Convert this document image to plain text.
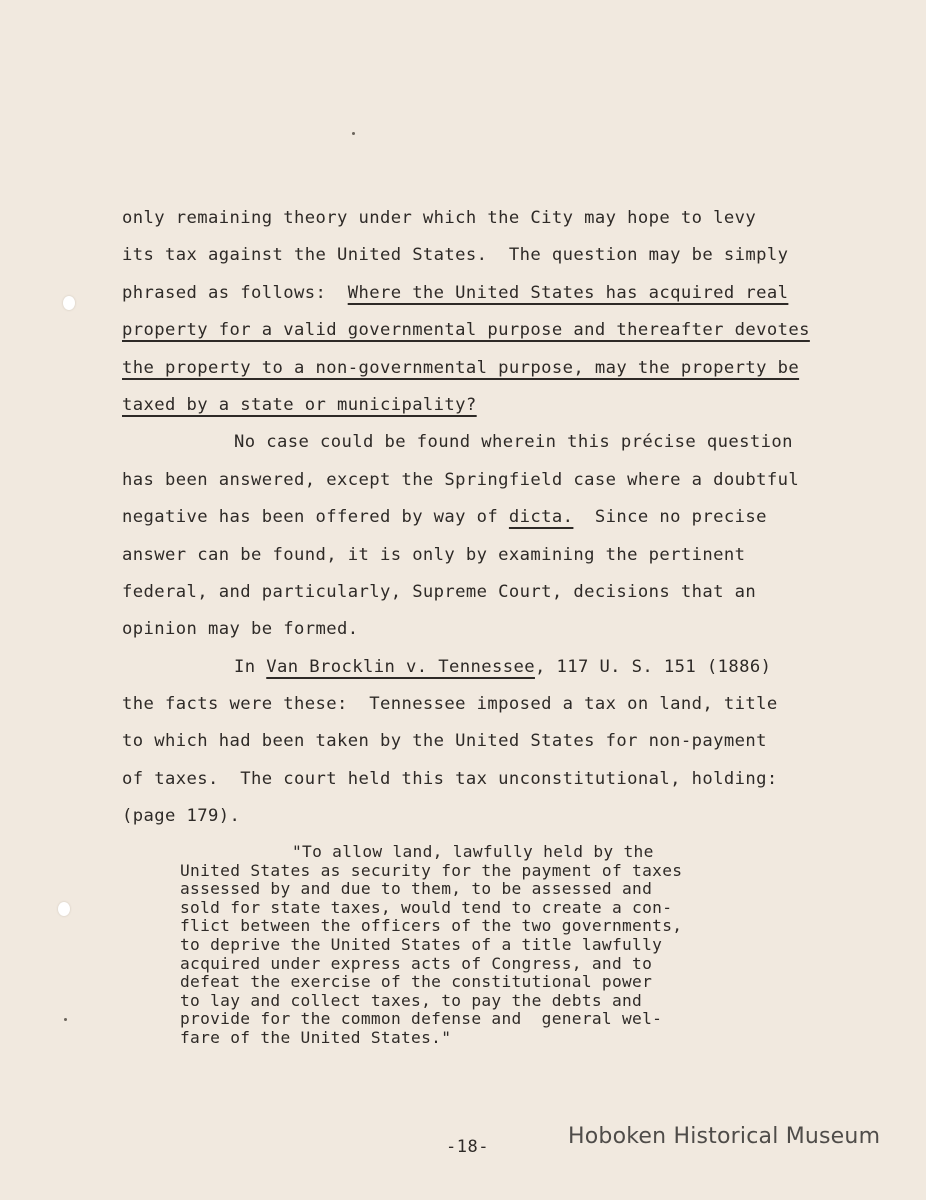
only remaining theory under which the City may hope to levy
its tax against the United States.  The question may be simply
phrased as follows:  Where the United States has acquired real
property for a valid governmental purpose and thereafter devotes
the property to a non-governmental purpose, may the property be
taxed by a state or municipality?
No case could be found wherein this précise question
has been answered, except the Springfield case where a doubtful
negative has been offered by way of dicta.  Since no precise
answer can be found, it is only by examining the pertinent
federal, and particularly, Supreme Court, decisions that an
opinion may be formed.
In Van Brocklin v. Tennessee, 117 U. S. 151 (1886)
the facts were these:  Tennessee imposed a tax on land, title
to which had been taken by the United States for non-payment
of taxes.  The court held this tax unconstitutional, holding:
(page 179).
"To allow land, lawfully held by the
United States as security for the payment of taxes
assessed by and due to them, to be assessed and
sold for state taxes, would tend to create a con-
flict between the officers of the two governments,
to deprive the United States of a title lawfully
acquired under express acts of Congress, and to
defeat the exercise of the constitutional power
to lay and collect taxes, to pay the debts and
provide for the common defense and  general wel-
fare of the United States."
-18-	Hoboken Historical Museum
